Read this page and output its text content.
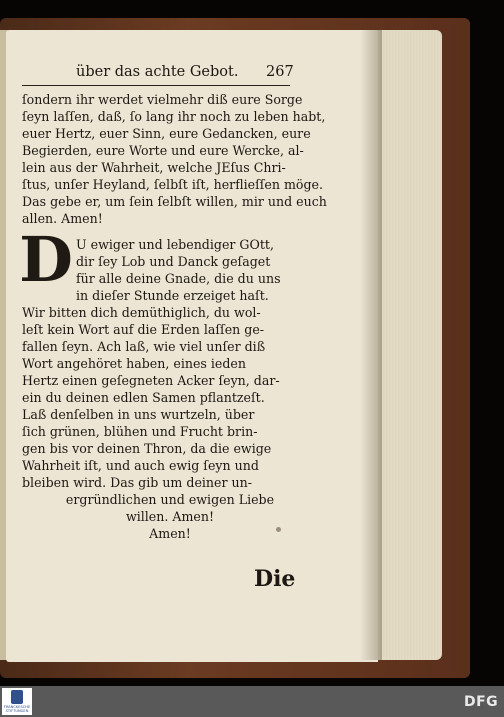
über das achte Gebot. 267
ſondern ihr werdet vielmehr diß eure Sorge
ſeyn laſſen, daß, ſo lang ihr noch zu leben habt,
euer Hertz, euer Sinn, eure Gedancken, eure
Begierden, eure Worte und eure Wercke, al-
lein aus der Wahrheit, welche JEſus Chri-
ſtus, unſer Heyland, ſelbſt iſt, herflieſſen möge.
Das gebe er, um ſein ſelbſt willen, mir und euch
allen. Amen!
D U ewiger und lebendiger GOtt,
dir ſey Lob und Danck geſaget
für alle deine Gnade, die du uns
in dieſer Stunde erzeiget haſt.
Wir bitten dich demüthiglich, du wol-
leſt kein Wort auf die Erden laſſen ge-
fallen ſeyn. Ach laß, wie viel unſer diß
Wort angehöret haben, eines ieden
Hertz einen geſegneten Acker ſeyn, dar-
ein du deinen edlen Samen pflantzeſt.
Laß denſelben in uns wurtzeln, über
ſich grünen, blühen und Frucht brin-
gen bis vor deinen Thron, da die ewige
Wahrheit iſt, und auch ewig ſeyn und
bleiben wird. Das gib um deiner un-
ergründlichen und ewigen Liebe
willen. Amen!
Amen!
Die
FRANCKESCHE STIFTUNGEN
DFG
